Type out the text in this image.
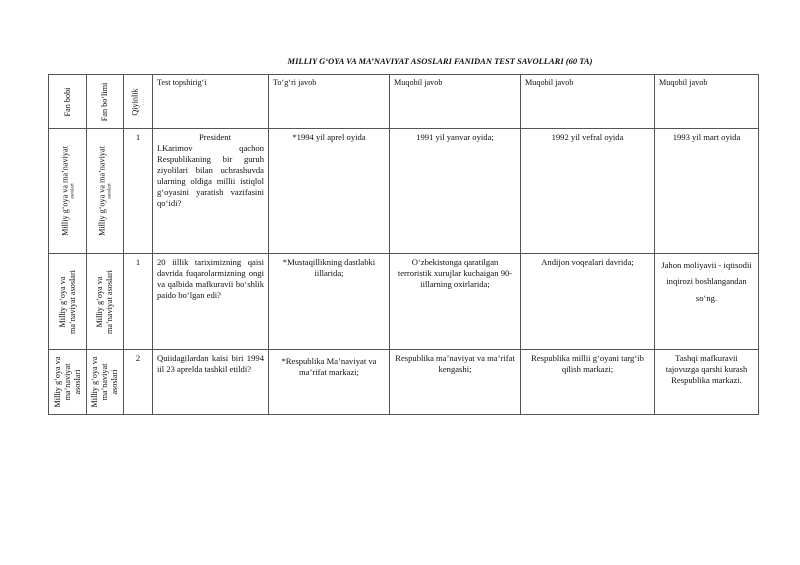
MILLIY G‘OYA VA MA’NAVIYAT ASOSLARI FANIDAN TEST SAVOLLARI (60 TA)
Fan bobi	Fan bo‘limi	Qiyinlik . . .	Test topshirig‘i	To‘g‘ri javob	Muqobil javob	Muqobil javob	Muqobil javob

Milliy g‘oya va ma’naviyat asoslari	Milliy g‘oya va ma’naviyat asoslari	1	President I.Karimov qachon Respublikaning bir guruh ziyolilari bilan uchrashuvda ularning oldiga millii istiqlol g‘oyasini yaratish vazifasini qo‘idi?	*1994 yil aprel oyida	1991 yil yanvar oyida;	1992 yil vefral oyida	1993 yil mart oyida

Milliy g‘oya va ma’naviyat asoslari	Milliy g‘oya va ma’naviyat asoslari	1	20 iillik tariximizning qaisi davrida fuqarolarmizning ongi va qalbida mafkuravii bo‘shlik paido bo‘lgan edi?	*Mustaqillikning dastlabki iillarida;	O‘zbekistonga qaratilgan terroristik xurujlar kuchaigan 90-iillarning oxirlarida;	Andijon voqealari davrida;	Jahon moliyavii - iqtisodii inqirozi boshlangandan so‘ng.

Milliy g‘oya va ma’naviyat asoslari	Milliy g‘oya va ma’naviyat asoslari	2	Quiidagilardan kaisi biri 1994 iil 23 aprelda tashkil etildi?	*Respublika Ma’naviyat va ma’rifat markazi;	Respublika ma’naviyat va ma’rifat kengashi;	Respublika millii g‘oyani targ‘ib qilish markazi;	Tashqi mafkuravii tajovuzga qarshi kurash Respublika markazi.
